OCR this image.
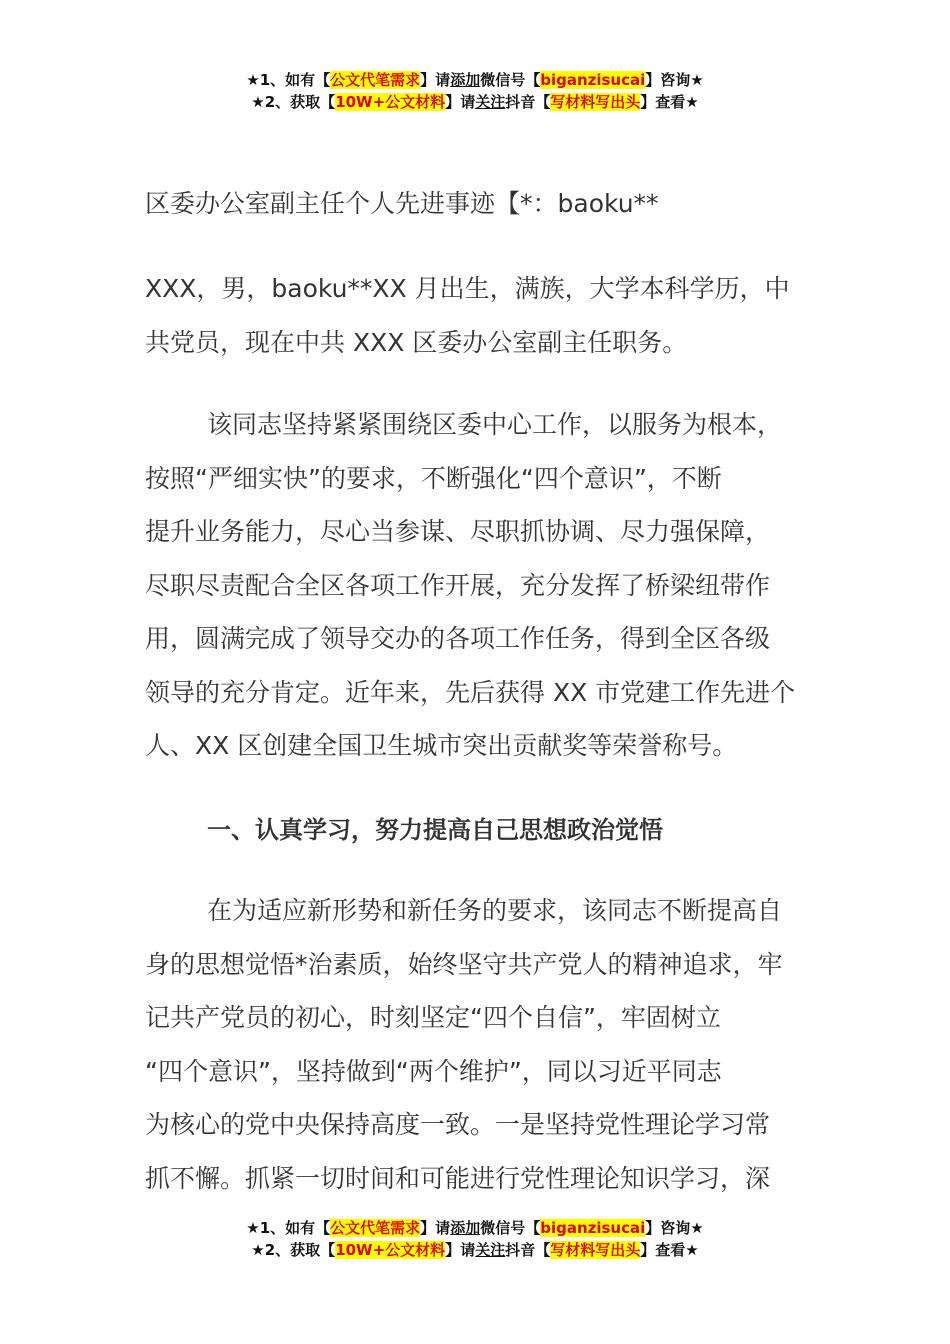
★1、如有【公文代笔需求】请添加微信号【biganzisucai】咨询★
★2、获取【10W+公文材料】请关注抖音【写材料写出头】查看★
区委办公室副主任个人先进事迹【*：baoku**
XXX，男，baoku**XX 月出生，满族，大学本科学历，中
共党员，现在中共 XXX 区委办公室副主任职务。
该同志坚持紧紧围绕区委中心工作，以服务为根本，
按照“严细实快”的要求，不断强化“四个意识”，不断
提升业务能力，尽心当参谋、尽职抓协调、尽力强保障，
尽职尽责配合全区各项工作开展，充分发挥了桥梁纽带作
用，圆满完成了领导交办的各项工作任务，得到全区各级
领导的充分肯定。近年来，先后获得 XX 市党建工作先进个
人、XX 区创建全国卫生城市突出贡献奖等荣誉称号。
一、认真学习，努力提高自己思想政治觉悟
在为适应新形势和新任务的要求，该同志不断提高自
身的思想觉悟*治素质，始终坚守共产党人的精神追求，牢
记共产党员的初心，时刻坚定“四个自信”，牢固树立
“四个意识”，坚持做到“两个维护”，同以习近平同志
为核心的党中央保持高度一致。一是坚持党性理论学习常
抓不懈。抓紧一切时间和可能进行党性理论知识学习，深
★1、如有【公文代笔需求】请添加微信号【biganzisucai】咨询★
★2、获取【10W+公文材料】请关注抖音【写材料写出头】查看★
